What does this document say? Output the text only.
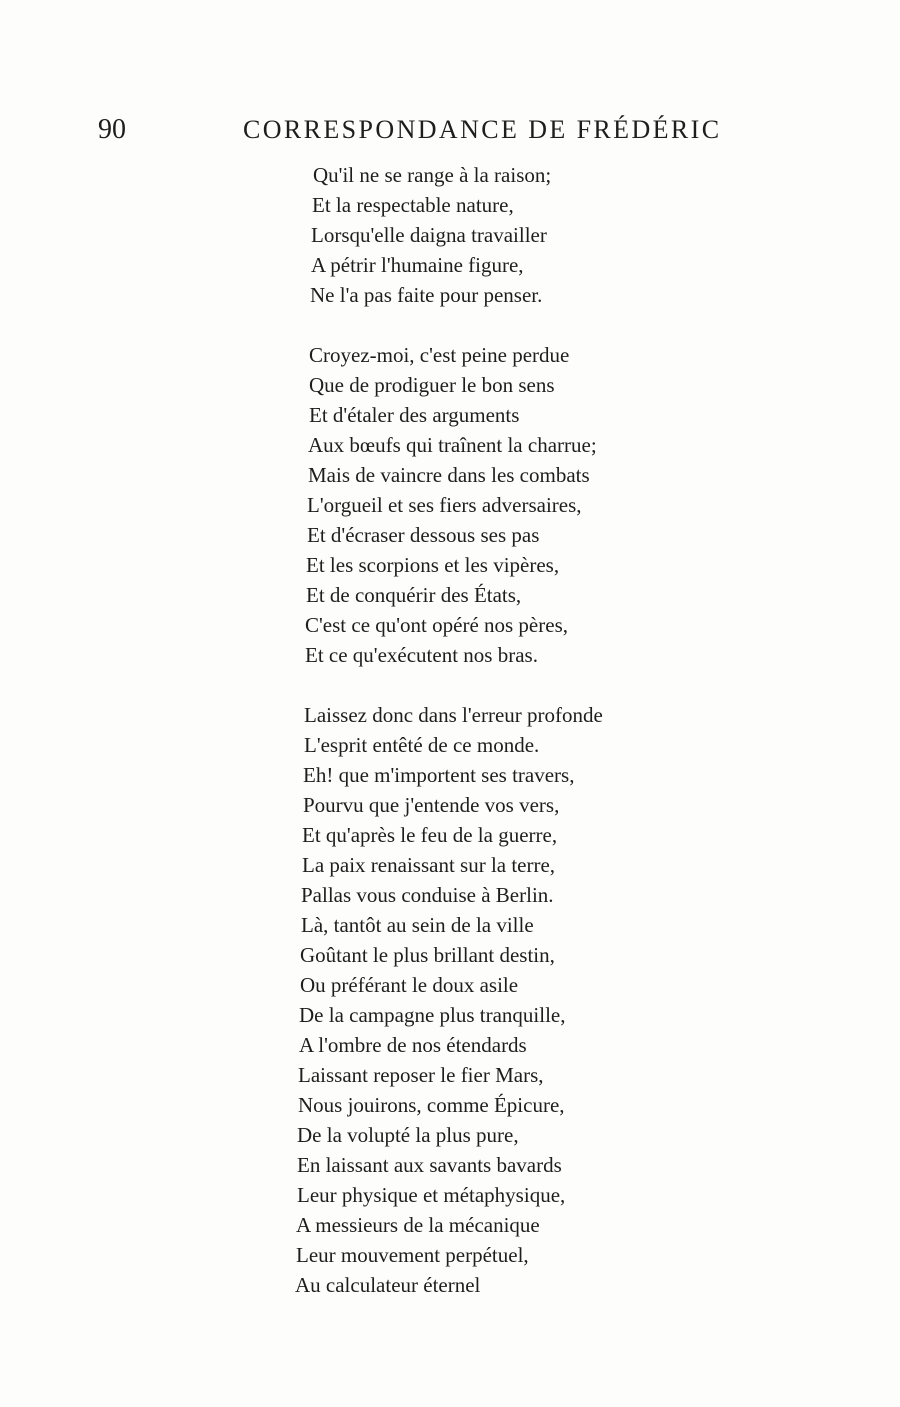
90	CORRESPONDANCE DE FRÉDÉRIC
Qu'il ne se range à la raison;
Et la respectable nature,
Lorsqu'elle daigna travailler
A pétrir l'humaine figure,
Ne l'a pas faite pour penser.
Croyez-moi, c'est peine perdue
Que de prodiguer le bon sens
Et d'étaler des arguments
Aux bœufs qui traînent la charrue;
Mais de vaincre dans les combats
L'orgueil et ses fiers adversaires,
Et d'écraser dessous ses pas
Et les scorpions et les vipères,
Et de conquérir des États,
C'est ce qu'ont opéré nos pères,
Et ce qu'exécutent nos bras.
Laissez donc dans l'erreur profonde
L'esprit entêté de ce monde.
Eh! que m'importent ses travers,
Pourvu que j'entende vos vers,
Et qu'après le feu de la guerre,
La paix renaissant sur la terre,
Pallas vous conduise à Berlin.
Là, tantôt au sein de la ville
Goûtant le plus brillant destin,
Ou préférant le doux asile
De la campagne plus tranquille,
A l'ombre de nos étendards
Laissant reposer le fier Mars,
Nous jouirons, comme Épicure,
De la volupté la plus pure,
En laissant aux savants bavards
Leur physique et métaphysique,
A messieurs de la mécanique
Leur mouvement perpétuel,
Au calculateur éternel
